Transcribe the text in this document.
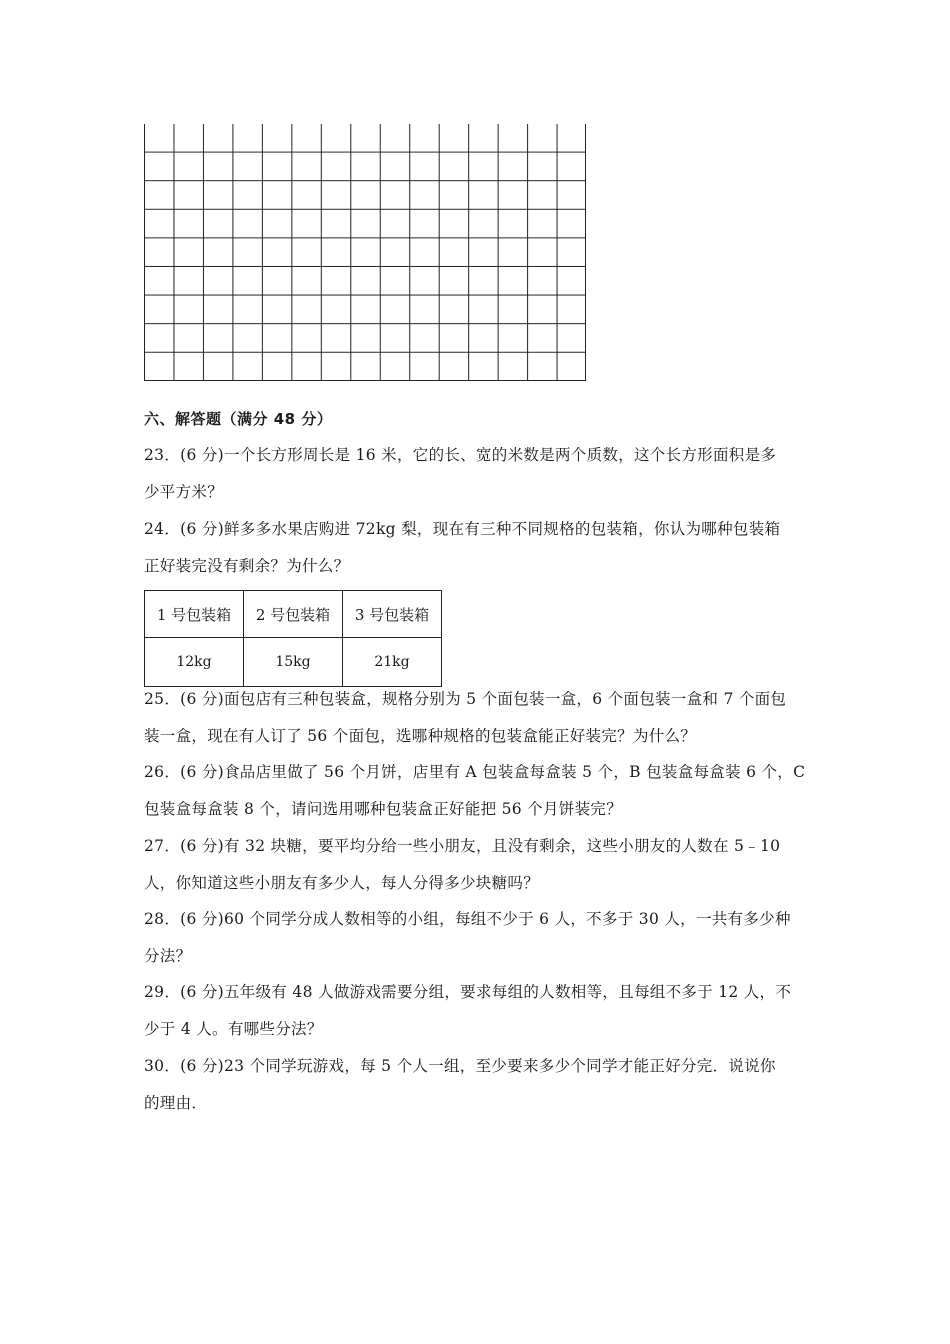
六、解答题（满分 48 分）
23．(6 分)一个长方形周长是 16 米，它的长、宽的米数是两个质数，这个长方形面积是多
少平方米？
24．(6 分)鲜多多水果店购进 72kg 梨，现在有三种不同规格的包装箱，你认为哪种包装箱
正好装完没有剩余？为什么？
1 号包装箱	2 号包装箱	3 号包装箱
12kg	15kg	21kg
25．(6 分)面包店有三种包装盒，规格分别为 5 个面包装一盒，6 个面包装一盒和 7 个面包
装一盒，现在有人订了 56 个面包，选哪种规格的包装盒能正好装完？为什么？
26．(6 分)食品店里做了 56 个月饼，店里有 A 包装盒每盒装 5 个，B 包装盒每盒装 6 个，C
包装盒每盒装 8 个，请问选用哪种包装盒正好能把 56 个月饼装完？
27．(6 分)有 32 块糖，要平均分给一些小朋友，且没有剩余，这些小朋友的人数在 5﹣10
人，你知道这些小朋友有多少人，每人分得多少块糖吗？
28．(6 分)60 个同学分成人数相等的小组，每组不少于 6 人，不多于 30 人，一共有多少种
分法？
29．(6 分)五年级有 48 人做游戏需要分组，要求每组的人数相等，且每组不多于 12 人，不
少于 4 人。有哪些分法？
30．(6 分)23 个同学玩游戏，每 5 个人一组，至少要来多少个同学才能正好分完．说说你
的理由．
